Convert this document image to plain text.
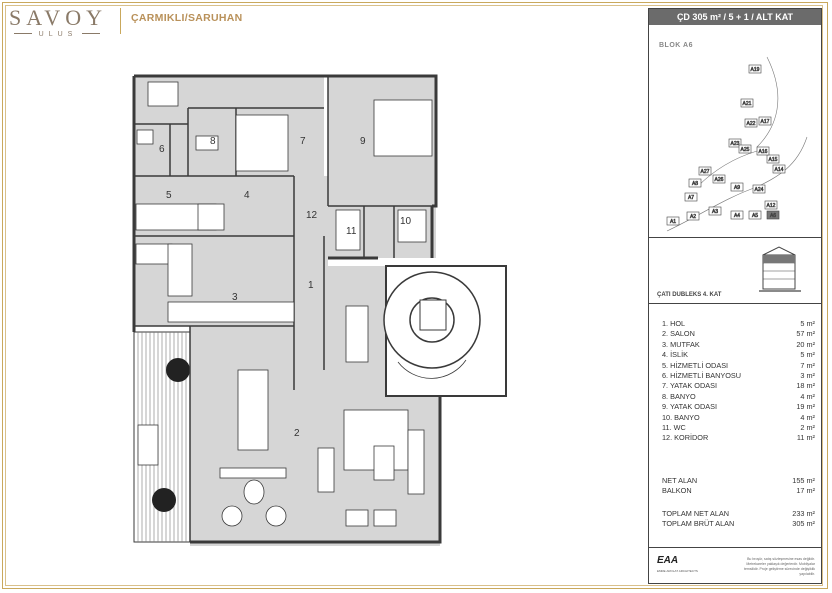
SAVOY
ULUS
ÇARMIKLI/SARUHAN
1
2
3
4
5
6
7
8	9
10
11
12
ÇD 305 m² / 5 + 1 / ALT KAT
BLOK A6
A1
A2
A3
A4 A5 A6
A7
A8
A19
A21
A22
A23
A24
A25
A26
A27
A12
A14
A15
A16
A17
A9
ÇATI DUBLEKS 4. KAT
1. HOL	5 m²
2. SALON	57 m²
3. MUTFAK	20 m²
4. İSLİK	5 m²
5. HİZMETLİ ODASI	7 m²
6. HİZMETLİ BANYOSU	3 m²
7. YATAK ODASI	18 m²
8. BANYO	4 m²
9. YATAK ODASI	19 m²
10. BANYO	4 m²
11. WC	2 m²
12. KORİDOR	11 m²
NET ALAN	155 m²
BALKON	17 m²
TOPLAM NET ALAN	233 m²
TOPLAM BRÜT ALAN	305 m²
EAA
EMRE AROLAT ARCHITECTS
Bu broşür, satış sözleşmesine esas değildir. Metrekareler yaklaşık değerlerdir. Mobilyalar temsilidir. Proje geliştirme sürecinde değişiklik yapılabilir.
